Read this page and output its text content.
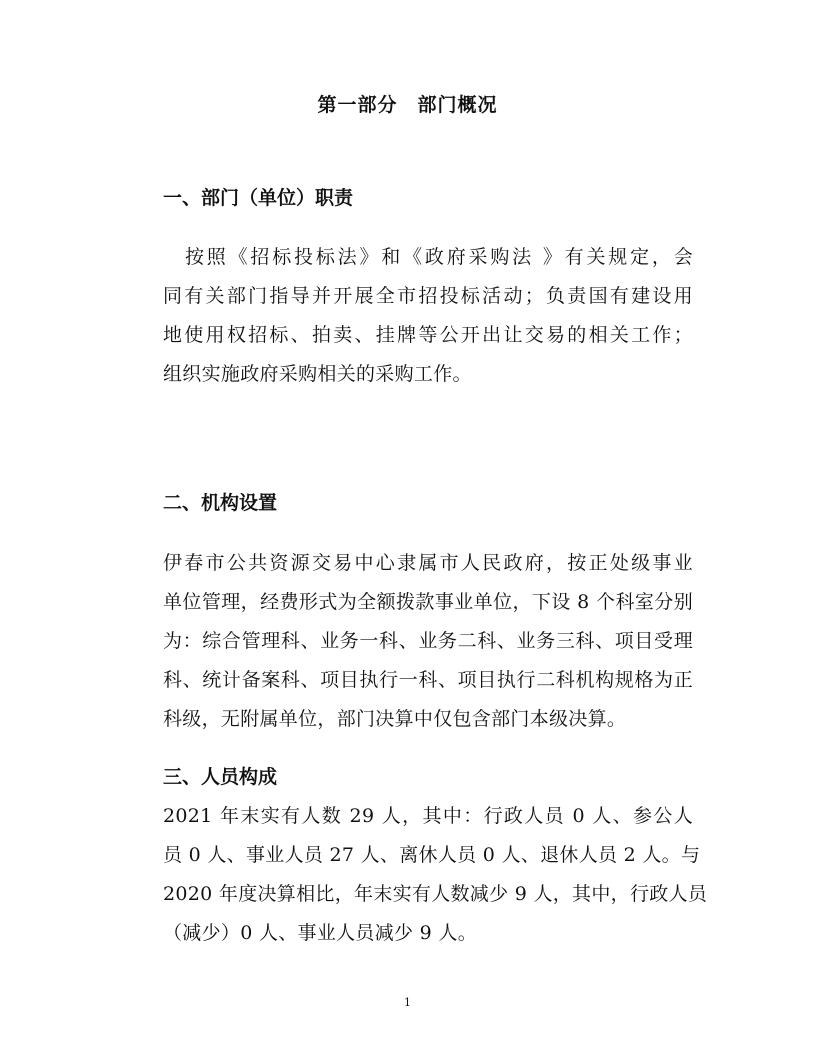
第一部分　部门概况
一、部门（单位）职责
按照《招标投标法》和《政府采购法 》有关规定，会
同有关部门指导并开展全市招投标活动；负责国有建设用
地使用权招标、拍卖、挂牌等公开出让交易的相关工作；
组织实施政府采购相关的采购工作。
二、机构设置
伊春市公共资源交易中心隶属市人民政府，按正处级事业
单位管理，经费形式为全额拨款事业单位，下设 8 个科室分别
为：综合管理科、业务一科、业务二科、业务三科、项目受理
科、统计备案科、项目执行一科、项目执行二科机构规格为正
科级，无附属单位，部门决算中仅包含部门本级决算。
三、人员构成
2021 年末实有人数 29 人，其中：行政人员 0 人、参公人
员 0 人、事业人员 27 人、离休人员 0 人、退休人员 2 人。与
2020 年度决算相比，年末实有人数减少 9 人，其中，行政人员
（减少）0 人、事业人员减少 9 人。
1
